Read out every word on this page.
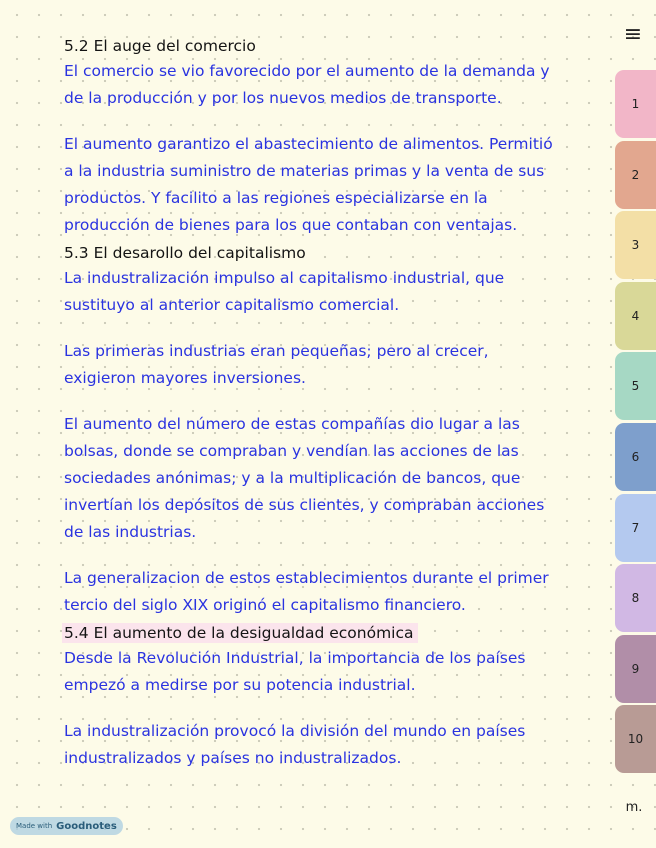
5.2 El auge del comercio

El comercio se vio favorecido por el aumento de la demanda y
de la producción y por los nuevos medios de transporte.

El aumento garantizo el abastecimiento de alimentos. Permitió
a la industria suministro de materias primas y la venta de sus
productos. Y facilito a las regiones especializarse en la
producción de bienes para los que contaban con ventajas.

5.3 El desarollo del capitalismo

La industralización impulso al capitalismo industrial, que
sustituyo al anterior capitalismo comercial.

Las primeras industrias eran pequeñas; pero al crecer,
exigieron mayores inversiones.

El aumento del número de estas compañías dio lugar a las
bolsas, donde se compraban y vendían las acciones de las
sociedades anónimas; y a la multiplicación de bancos, que
invertían los depósitos de sus clientes, y compraban acciones
de las industrias.

La generalizacion de estos establecimientos durante el primer
tercio del siglo XIX originó el capitalismo financiero.

5.4 El aumento de la desigualdad económica

Desde la Revolución Industrial, la importancia de los países
empezó a medirse por su potencia industrial.

La industralización provocó la división del mundo en países
industralizados y países no industralizados.

≡
1
2
3
4
5
6
7
8
9
10
m.
Made with Goodnotes
